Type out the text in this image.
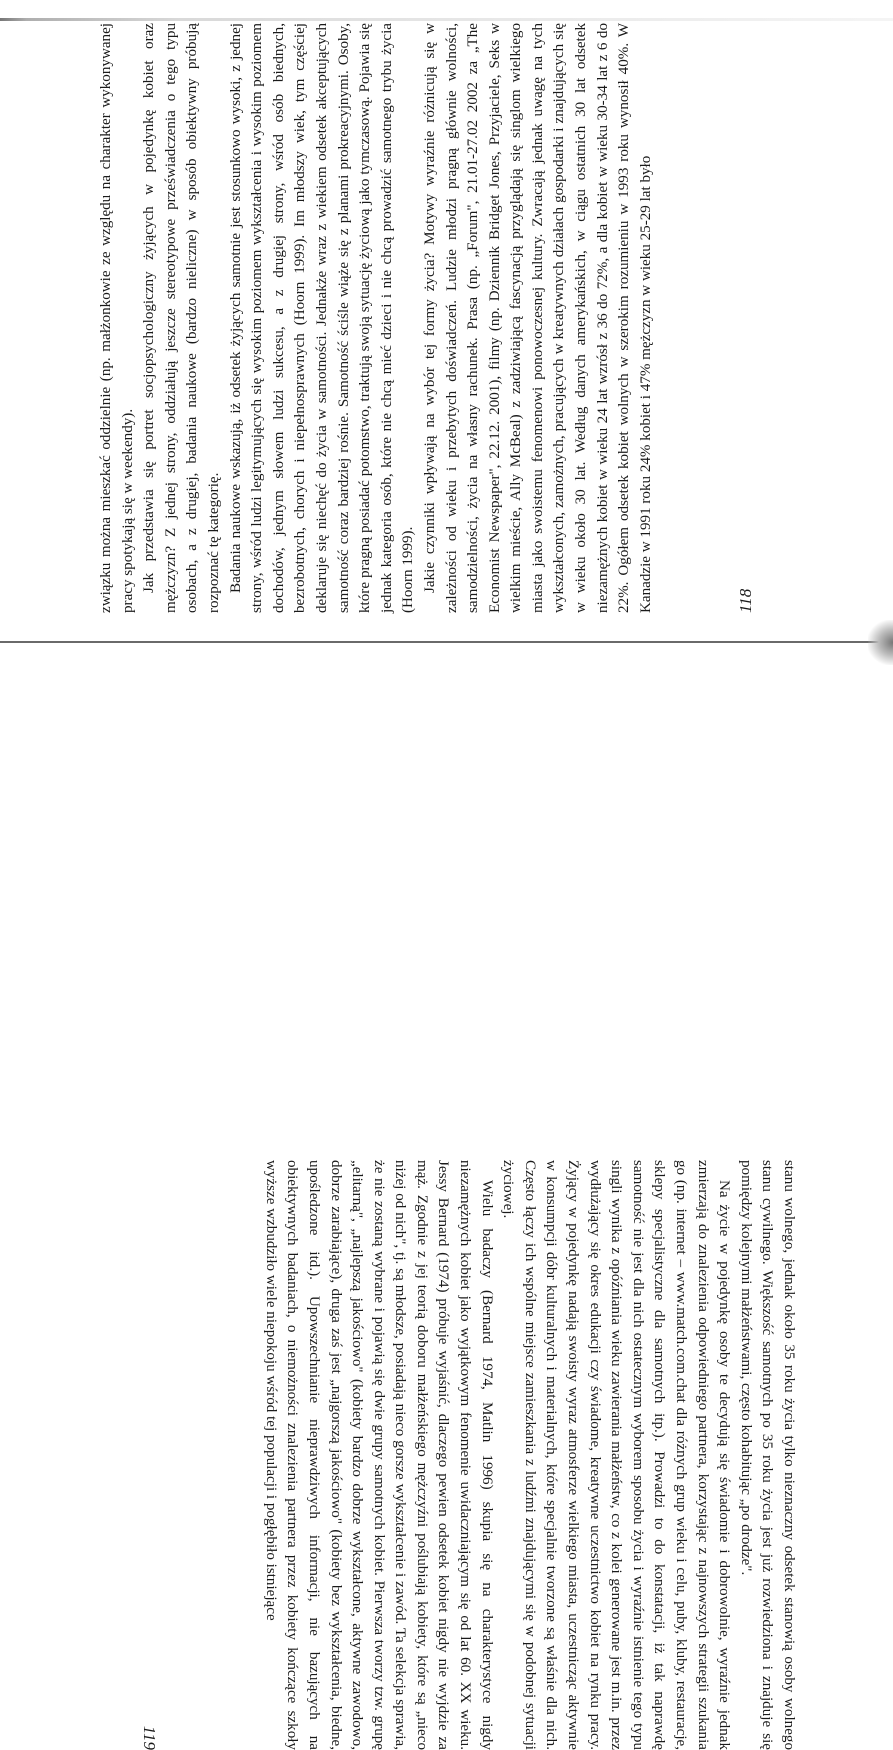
związku można mieszkać oddzielnie (np. małżonkowie ze względu na charakter wykonywanej pracy spotykają się w weekendy). Jak przedstawia się portret socjopsychologiczny żyjących w pojedynkę kobiet oraz mężczyzn? Z jednej strony, oddziałują jeszcze stereotypowe przeświadczenia o tego typu osobach, a z drugiej, badania naukowe (bardzo nieliczne) w sposób obiektywny próbują rozpoznać tę kategorię. Badania naukowe wskazują, iż odsetek żyjących samotnie jest stosunkowo wysoki, z jednej strony, wśród ludzi legitymujących się wysokim poziomem wykształcenia i wysokim poziomem dochodów, jednym słowem ludzi sukcesu, a z drugiej strony, wśród osób biednych, bezrobotnych, chorych i niepełnosprawnych (Hoorn 1999). Im młodszy wiek, tym częściej deklaruje się niechęć do życia w samotności. Jednakże wraz z wiekiem odsetek akceptujących samotność coraz bardziej rośnie. Samotność ściśle wiąże się z planami prokreacyjnymi. Osoby, które pragną posiadać potomstwo, traktują swoją sytuację życiową jako tymczasową. Pojawia się jednak kategoria osób, które nie chcą mieć dzieci i nie chcą prowadzić samotnego trybu życia (Hoorn 1999). Jakie czynniki wpływają na wybór tej formy życia? Motywy wyraźnie różnicują się w zależności od wieku i przebytych doświadczeń. Ludzie młodzi pragną głównie wolności, samodzielności, życia na własny rachunek. Prasa (np. „Forum", 21.01-27.02 2002 za „The Economist Newspaper", 22.12. 2001), filmy (np. Dziennik Bridget Jones, Przyjaciele, Seks w wielkim mieście, Ally McBeal) z zadziwiającą fascynacją przyglądają się singlom wielkiego miasta jako swoistemu fenomenowi ponowoczesnej kultury. Zwracają jednak uwagę na tych wykształconych, zamożnych, pracujących w kreatywnych działach gospodarki i znajdujących się w wieku około 30 lat. Według danych amerykańskich, w ciągu ostatnich 30 lat odsetek niezamężnych kobiet w wieku 24 lat wzrósł z 36 do 72%, a dla kobiet w wieku 30-34 lat z 6 do 22%. Ogółem odsetek kobiet wolnych w szerokim rozumieniu w 1993 roku wynosił 40%. W Kanadzie w 1991 roku 24% kobiet i 47% mężczyzn w wieku 25-29 lat było	118

stanu wolnego, jednak około 35 roku życia tylko nieznaczny odsetek stanowią osoby wolnego stanu cywilnego. Większość samotnych po 35 roku życia jest już rozwiedziona i znajduje się pomiędzy kolejnymi małżeństwami, często kohabitując „po drodze".

Na życie w pojedynkę osoby te decydują się świadomie i dobrowolnie, wyraźnie jednak zmierzają do znalezienia odpowiedniego partnera, korzystając z najnowszych strategii szukania go (np. internet – www.match.com.chat dla różnych grup wieku i celu, puby, kluby, restauracje, sklepy specjalistyczne dla samotnych itp.). Prowadzi to do konstatacji, iż tak naprawdę samotność nie jest dla nich ostatecznym wyborem sposobu życia i wyraźnie istnienie tego typu singli wynika z opóźniania wieku zawierania małżeństw, co z kolei generowane jest m.in. przez wydłużający się okres edukacji czy świadome, kreatywne uczestnictwo kobiet na rynku pracy. Żyjący w pojedynkę nadają swoisty wyraz atmosferze wielkiego miasta, uczestnicząc aktywnie w konsumpcji dóbr kulturalnych i materialnych, które specjalnie tworzone są właśnie dla nich. Często łączy ich wspólne miejsce zamieszkania z ludźmi znajdującymi się w podobnej sytuacji życiowej.

Wielu badaczy (Bernard 1974, Matlin 1996) skupia się na charakterystyce nigdy niezamężnych kobiet jako wyjątkowym fenomenie uwidaczniającym się od lat 60. XX wieku. Jessy Bernard (1974) próbuje wyjaśnić, dlaczego pewien odsetek kobiet nigdy nie wyjdzie za mąż. Zgodnie z jej teorią doboru małżeńskiego mężczyźni poślubiają kobiety, które są „nieco niżej od nich", tj. są młodsze, posiadają nieco gorsze wykształcenie i zawód. Ta selekcja sprawia, że nie zostaną wybrane i pojawią się dwie grupy samotnych kobiet. Pierwsza tworzy tzw. grupę „elitarną", „najlepszą jakościowo" (kobiety bardzo dobrze wykształcone, aktywne zawodowo, dobrze zarabiające), druga zaś jest „najgorszą jakościowo" (kobiety bez wykształcenia, biedne, upośledzone itd.). Upowszechnianie nieprawdziwych informacji, nie bazujących na obiektywnych badaniach, o niemożności znalezienia partnera przez kobiety kończące szkoły wyższe wzbudziło wiele niepokoju wśród tej populacji i pogłębiło istniejące

119
